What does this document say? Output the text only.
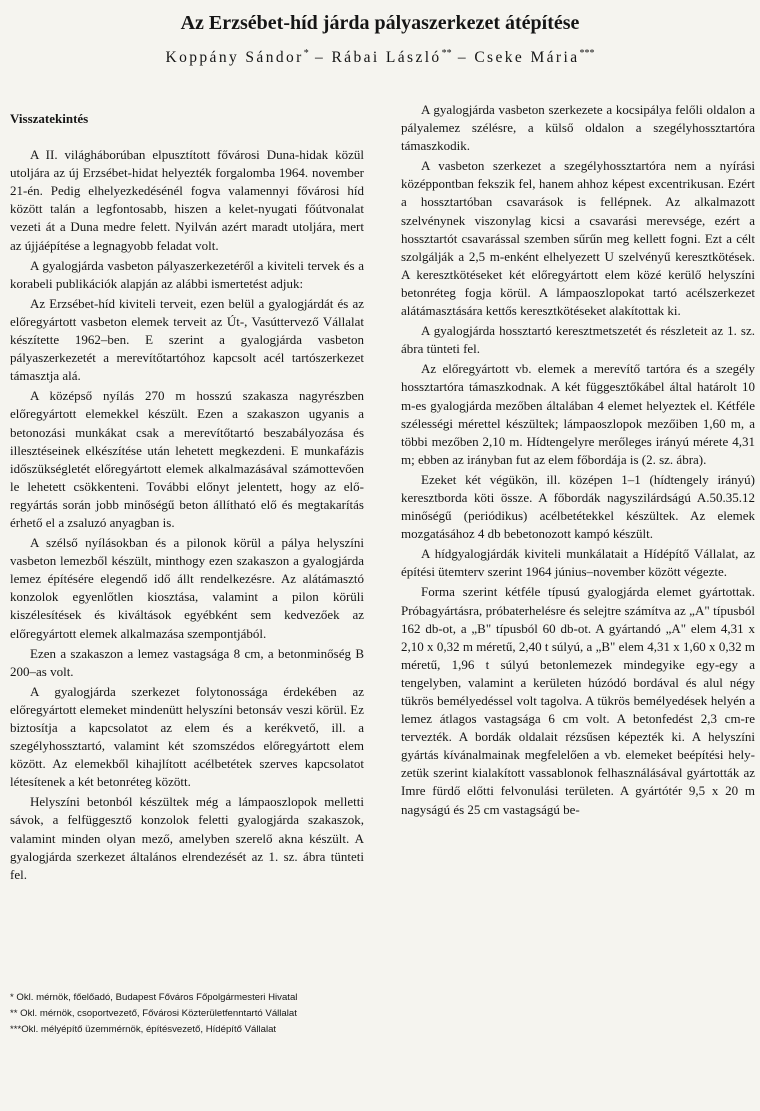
Az Erzsébet-híd járda pályaszerkezet átépítése
Koppány Sándor* – Rábai László** – Cseke Mária***
Visszatekintés

A II. világháborúban elpusztított fővárosi Duna-hidak közül utoljára az új Erzsébet-hidat helyezték forgalomba 1964. november 21-én. Pedig elhelyezkedésénél fogva valamennyi fővárosi híd között talán a legfontosabb, hiszen a kelet-nyugati főútvonalat vezeti át a Duna medre felett. Nyilván azért maradt utoljára, mert az újjáépítése a legnagyobb feladat volt.

A gyalogjárda vasbeton pályaszerkezetéről a kiviteli tervek és a korabeli publikációk alapján az alábbi ismertetést adjuk:

Az Erzsébet-híd kiviteli terveit, ezen belül a gyalogjárdát és az előregyártott vasbeton elemek terveit az Út-, Vasúttervező Vállalat készítette 1962–ben. E szerint a gyalogjárda vasbeton pályaszerkezetét a merevítőtartóhoz kapcsolt acél tartószerkezet támasztja alá.

A középső nyílás 270 m hosszú szakasza nagyrészben előregyártott elemekkel készült. Ezen a szakaszon ugyanis a betonozási munkákat csak a merevítőtartó beszabályozása és illesztéseinek elkészítése után lehetett megkezdeni. E munkafázis időszükségletét előregyártott elemek alkalmazásával számottevően le lehetett csökkenteni. További előnyt jelentett, hogy az előregyártás során jobb minőségű beton állítható elő és megtakarítás érhető el a zsaluzó anyagban is.

A szélső nyílásokban és a pilonok körül a pálya helyszíni vasbeton lemezből készült, minthogy ezen szakaszon a gyalogjárda lemez építésére elegendő idő állt rendelkezésre. Az alátámasztó konzolok egyenlőtlen kiosztása, valamint a pilon körüli kiszélesítések és kiváltások egyébként sem kedvezőek az előregyártott elemek alkalmazása szempontjából.

Ezen a szakaszon a lemez vastagsága 8 cm, a betonminőség B 200–as volt.

A gyalogjárda szerkezet folytonossága érdekében az előregyártott elemeket mindenütt helyszíni betonsáv veszi körül. Ez biztosítja a kapcsolatot az elem és a kerékvető, ill. a szegélyhossztartó, valamint két szomszédos előregyártott elem között. Az elemekből kihajlított acélbetétek szerves kapcsolatot létesítenek a két betonréteg között.

Helyszíni betonból készültek még a lámpaoszlopok melletti sávok, a felfüggesztő konzolok feletti gyalogjárda szakaszok, valamint minden olyan mező, amelyben szerelő akna készült. A gyalogjárda szerkezet általános elrendezését az 1. sz. ábra tünteti fel.

A gyalogjárda vasbeton szerkezete a kocsipálya felőli oldalon a pályalemez szélésre, a külső oldalon a szegélyhossztartóra támaszkodik.

A vasbeton szerkezet a szegélyhossztartóra nem a nyírási középpontban fekszik fel, hanem ahhoz képest excentrikusan. Ezért a hossztartóban csavarások is fellépnek. Az alkalmazott szelvénynek viszonylag kicsi a csavarási merevsége, ezért a hossztartót csavarással szemben sűrűn meg kellett fogni. Ezt a célt szolgálják a 2,5 m-enként elhelyezett U szelvényű keresztkötések. A keresztkötéseket két előregyártott elem közé kerülő helyszíni betonréteg fogja körül. A lámpaoszlopokat tartó acélszerkezet alátámasztására kettős keresztkötéseket alakítottak ki.

A gyalogjárda hossztartó keresztmetszetét és részleteit az 1. sz. ábra tünteti fel.

Az előregyártott vb. elemek a merevítő tartóra és a szegély hossztartóra támaszkodnak. A két függesztőkábel által határolt 10 m-es gyalogjárda mezőben általában 4 elemet helyeztek el. Kétféle szélességi mérettel készültek; lámpaoszlopok mezőiben 1,60 m, a többi mezőben 2,10 m. Hídtengelyre merőleges irányú mérete 4,31 m; ebben az irányban fut az elem főbordája is (2. sz. ábra).

Ezeket két végükön, ill. középen 1–1 (hídtengely irányú) keresztborda köti össze. A főbordák nagyszilárdságú A.50.35.12 minőségű (periódikus) acélbetétekkel készültek. Az elemek mozgatásához 4 db bebetonozott kampó készült.

A hídgyalogjárdák kiviteli munkálatait a Hídépítő Vállalat, az építési ütemterv szerint 1964 június–november között végezte.

Forma szerint kétféle típusú gyalogjárda elemet gyártottak. Próbagyártásra, próbaterhelésre és selejtre számítva az „A" típusból 162 db-ot, a „B" típusból 60 db-ot. A gyártandó „A" elem 4,31 x 2,10 x 0,32 m méretű, 2,40 t súlyú, a „B" elem 4,31 x 1,60 x 0,32 m méretű, 1,96 t súlyú betonlemezek mindegyike egy-egy a tengelyben, valamint a kerületen húzódó bordával és alul négy tükrös bemélyedéssel volt tagolva. A tükrös bemélyedések helyén a lemez átlagos vastagsága 6 cm volt. A betonfedést 2,3 cm-re tervezték. A bordák oldalait rézsűsen képezték ki. A helyszíni gyártás kívánalmainak megfelelően a vb. elemeket beépítési helyzetük szerint kialakított vassablonok felhasználásával gyártották az Imre fürdő előtti felvonulási területen. A gyártótér 9,5 x 20 m nagyságú és 25 cm vastagságú be-

* Okl. mérnök, főelőadó, Budapest Főváros Főpolgármesteri Hivatal
** Okl. mérnök, csoportvezető, Fővárosi Közterületfenntartó Vállalat
***Okl. mélyépítő üzemmérnök, építésvezető, Hídépítő Vállalat
